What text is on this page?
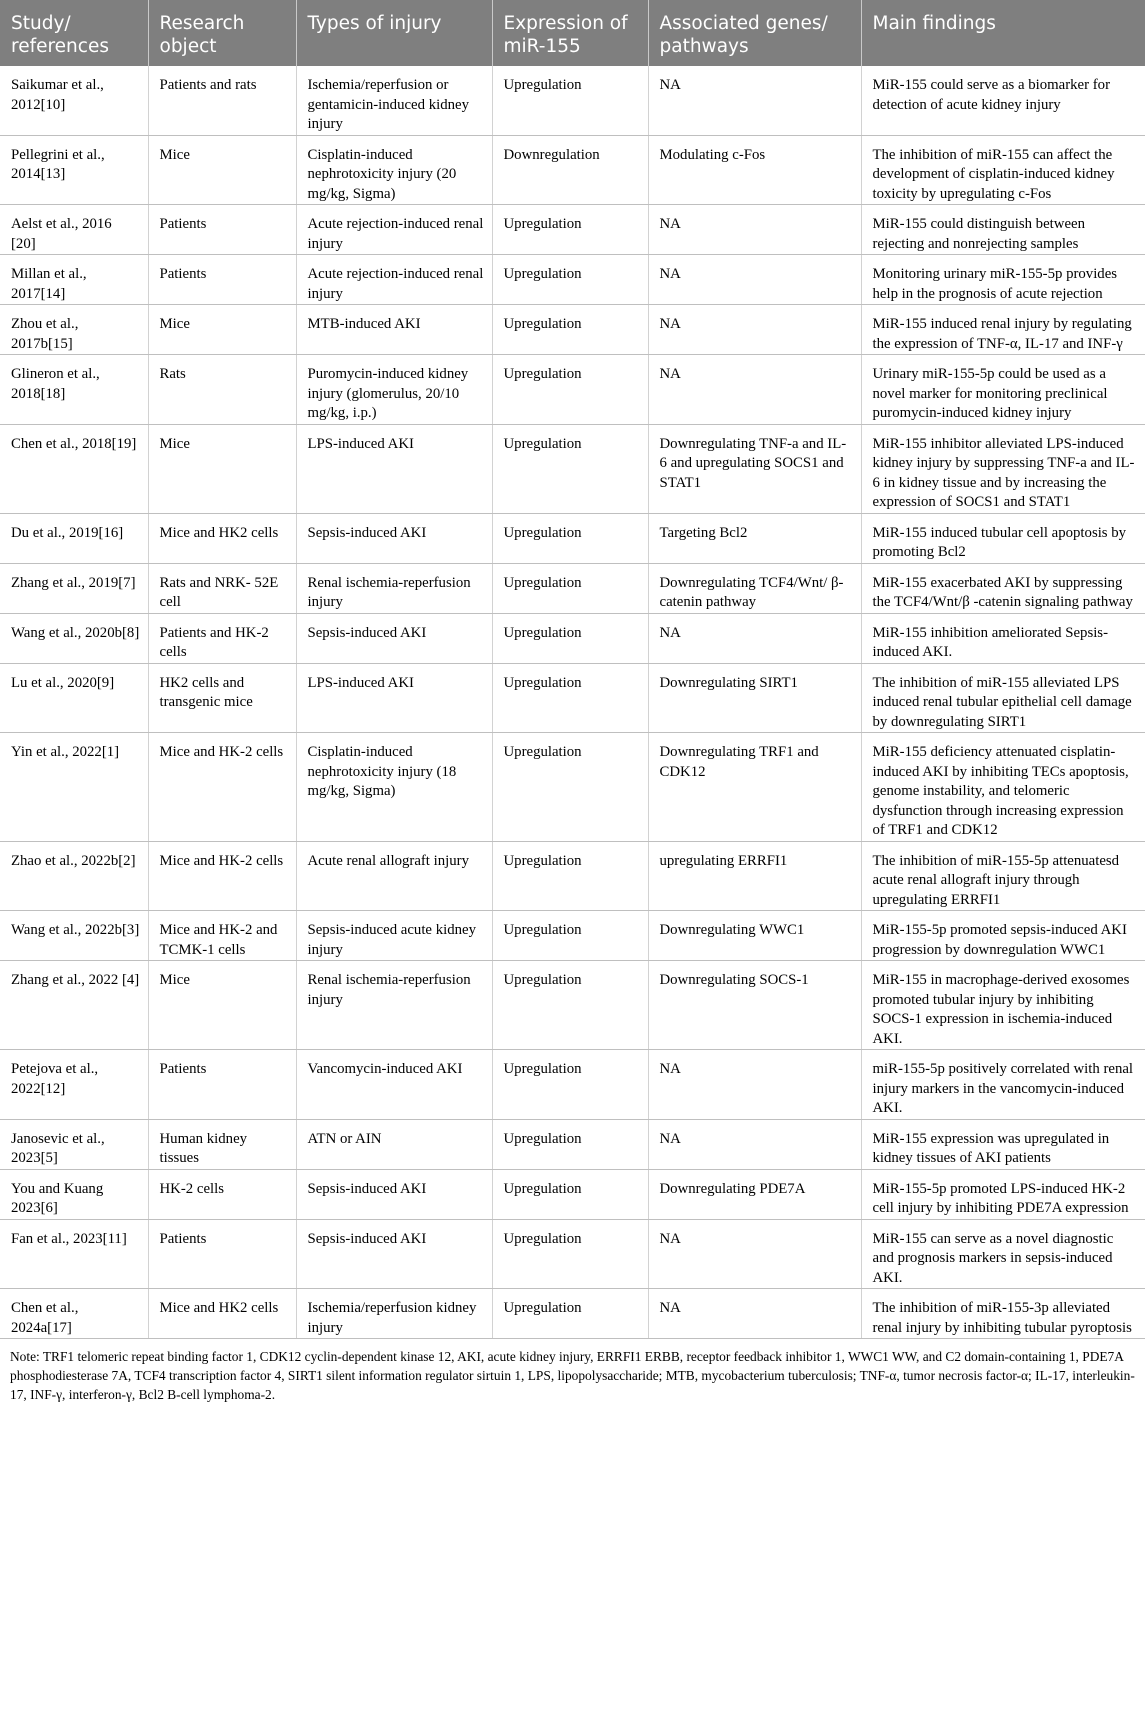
Study/ references	Research object	Types of injury	Expression of miR-155	Associated genes/ pathways	Main findings
Saikumar et al., 2012[10]	Patients and rats	Ischemia/reperfusion or gentamicin-induced kidney injury	Upregulation	NA	MiR-155 could serve as a biomarker for detection of acute kidney injury
Pellegrini et al., 2014[13]	Mice	Cisplatin-induced nephrotoxicity injury (20 mg/kg, Sigma)	Downregulation	Modulating c-Fos	The inhibition of miR-155 can affect the development of cisplatin-induced kidney toxicity by upregulating c-Fos
Aelst et al., 2016 [20]	Patients	Acute rejection-induced renal injury	Upregulation	NA	MiR-155 could distinguish between rejecting and nonrejecting samples
Millan et al., 2017[14]	Patients	Acute rejection-induced renal injury	Upregulation	NA	Monitoring urinary miR-155-5p provides help in the prognosis of acute rejection
Zhou et al., 2017b[15]	Mice	MTB-induced AKI	Upregulation	NA	MiR-155 induced renal injury by regulating the expression of TNF-α, IL-17 and INF-γ
Glineron et al., 2018[18]	Rats	Puromycin-induced kidney injury (glomerulus, 20/10 mg/kg, i.p.)	Upregulation	NA	Urinary miR-155-5p could be used as a novel marker for monitoring preclinical puromycin-induced kidney injury
Chen et al., 2018[19]	Mice	LPS-induced AKI	Upregulation	Downregulating TNF-a and IL-6 and upregulating SOCS1 and STAT1	MiR-155 inhibitor alleviated LPS-induced kidney injury by suppressing TNF-a and IL-6 in kidney tissue and by increasing the expression of SOCS1 and STAT1
Du et al., 2019[16]	Mice and HK2 cells	Sepsis-induced AKI	Upregulation	Targeting Bcl2	MiR-155 induced tubular cell apoptosis by promoting Bcl2
Zhang et al., 2019[7]	Rats and NRK- 52E cell	Renal ischemia-reperfusion injury	Upregulation	Downregulating TCF4/Wnt/ β-catenin pathway	MiR-155 exacerbated AKI by suppressing the TCF4/Wnt/β -catenin signaling pathway
Wang et al., 2020b[8]	Patients and HK-2 cells	Sepsis-induced AKI	Upregulation	NA	MiR-155 inhibition ameliorated Sepsis-induced AKI.
Lu et al., 2020[9]	HK2 cells and transgenic mice	LPS-induced AKI	Upregulation	Downregulating SIRT1	The inhibition of miR-155 alleviated LPS induced renal tubular epithelial cell damage by downregulating SIRT1
Yin et al., 2022[1]	Mice and HK-2 cells	Cisplatin-induced nephrotoxicity injury (18 mg/kg, Sigma)	Upregulation	Downregulating TRF1 and CDK12	MiR-155 deficiency attenuated cisplatin-induced AKI by inhibiting TECs apoptosis, genome instability, and telomeric dysfunction through increasing expression of TRF1 and CDK12
Zhao et al., 2022b[2]	Mice and HK-2 cells	Acute renal allograft injury	Upregulation	upregulating ERRFI1	The inhibition of miR-155-5p attenuatesd acute renal allograft injury through upregulating ERRFI1
Wang et al., 2022b[3]	Mice and HK-2 and TCMK-1 cells	Sepsis-induced acute kidney injury	Upregulation	Downregulating WWC1	MiR-155-5p promoted sepsis-induced AKI progression by downregulation WWC1
Zhang et al., 2022 [4]	Mice	Renal ischemia-reperfusion injury	Upregulation	Downregulating SOCS-1	MiR-155 in macrophage-derived exosomes promoted tubular injury by inhibiting SOCS-1 expression in ischemia-induced AKI.
Petejova et al., 2022[12]	Patients	Vancomycin-induced AKI	Upregulation	NA	miR-155-5p positively correlated with renal injury markers in the vancomycin-induced AKI.
Janosevic et al., 2023[5]	Human kidney tissues	ATN or AIN	Upregulation	NA	MiR-155 expression was upregulated in kidney tissues of AKI patients
You and Kuang 2023[6]	HK-2 cells	Sepsis-induced AKI	Upregulation	Downregulating PDE7A	MiR-155-5p promoted LPS-induced HK-2 cell injury by inhibiting PDE7A expression
Fan et al., 2023[11]	Patients	Sepsis-induced AKI	Upregulation	NA	MiR-155 can serve as a novel diagnostic and prognosis markers in sepsis-induced AKI.
Chen et al., 2024a[17]	Mice and HK2 cells	Ischemia/reperfusion kidney injury	Upregulation	NA	The inhibition of miR-155-3p alleviated renal injury by inhibiting tubular pyroptosis
Note: TRF1 telomeric repeat binding factor 1, CDK12 cyclin-dependent kinase 12, AKI, acute kidney injury, ERRFI1 ERBB, receptor feedback inhibitor 1, WWC1 WW, and C2 domain-containing 1, PDE7A phosphodiesterase 7A, TCF4 transcription factor 4, SIRT1 silent information regulator sirtuin 1, LPS, lipopolysaccharide; MTB, mycobacterium tuberculosis; TNF-α, tumor necrosis factor-α; IL-17, interleukin-17, INF-γ, interferon-γ, Bcl2 B-cell lymphoma-2.
